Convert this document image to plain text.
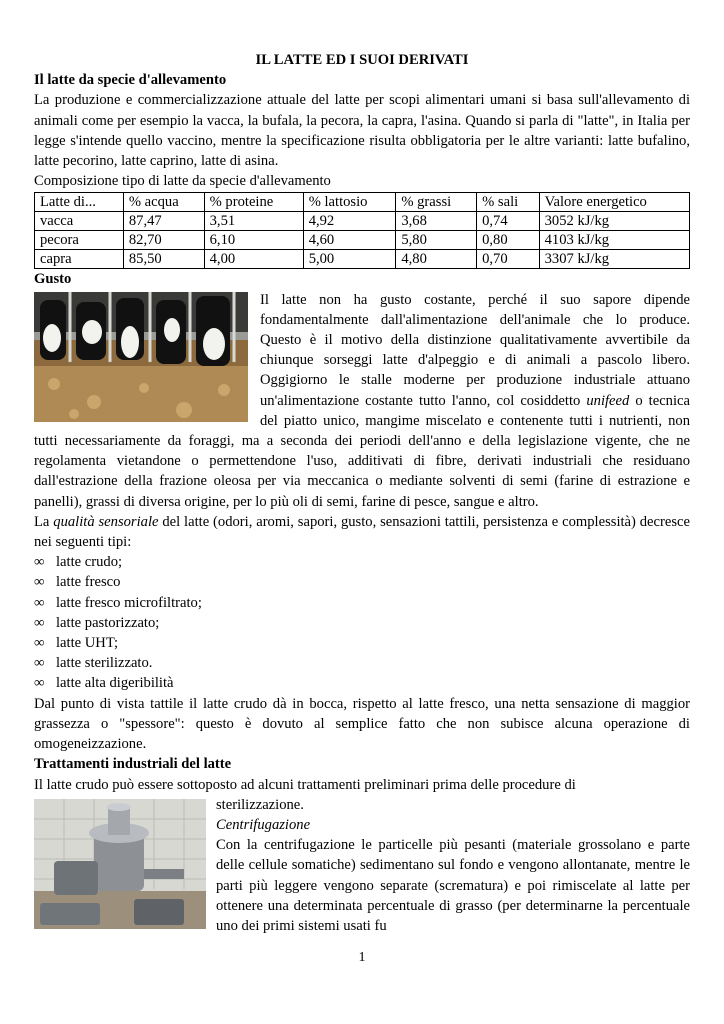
IL LATTE ED I SUOI DERIVATI
Il latte da specie d'allevamento

La produzione e commercializzazione attuale del latte per scopi alimentari umani si basa sull'allevamento di animali come per esempio la vacca, la bufala, la pecora, la capra, l'asina. Quando si parla di "latte", in Italia per legge s'intende quello vaccino, mentre la specificazione risulta obbligatoria per le altre varianti: latte bufalino, latte pecorino, latte caprino, latte di asina.

Composizione tipo di latte da specie d'allevamento
Latte di...	% acqua	% proteine	% lattosio	% grassi	% sali	Valore energetico
vacca	87,47	3,51	4,92	3,68	0,74	3052 kJ/kg
pecora	82,70	6,10	4,60	5,80	0,80	4103 kJ/kg
capra	85,50	4,00	5,00	4,80	0,70	3307 kJ/kg
Gusto

Il latte non ha gusto costante, perché il suo sapore dipende fondamentalmente dall'alimentazione dell'animale che lo produce. Questo è il motivo della distinzione qualitativamente avvertibile da chiunque sorseggi latte d'alpeggio e di animali a pascolo libero. Oggigiorno le stalle moderne per produzione industriale attuano un'alimentazione costante tutto l'anno, col cosiddetto unifeed o tecnica del piatto unico, mangime miscelato e contenente tutti i nutrienti, non tutti necessariamente da foraggi, ma a seconda dei periodi dell'anno e della legislazione vigente, che ne regolamenta vietandone o permettendone l'uso, additivati di fibre, derivati industriali che residuano dall'estrazione della frazione oleosa per via meccanica o mediante solventi di semi (farine di estrazione e panelli), grassi di diversa origine, per lo più oli di semi, farine di pesce, sangue e altro.

La qualità sensoriale del latte (odori, aromi, sapori, gusto, sensazioni tattili, persistenza e complessità) decresce nei seguenti tipi:

∞ latte crudo;
∞ latte fresco
∞ latte fresco microfiltrato;
∞ latte pastorizzato;
∞ latte UHT;
∞ latte sterilizzato.
∞ latte alta digeribilità

Dal punto di vista tattile il latte crudo dà in bocca, rispetto al latte fresco, una netta sensazione di maggior grassezza o "spessore": questo è dovuto al semplice fatto che non subisce alcuna operazione di omogeneizzazione.

Trattamenti industriali del latte

Il latte crudo può essere sottoposto ad alcuni trattamenti preliminari prima delle procedure di

sterilizzazione.

Centrifugazione

Con la centrifugazione le particelle più pesanti (materiale grossolano e parte delle cellule somatiche) sedimentano sul fondo e vengono allontanate, mentre le parti più leggere vengono separate (scrematura) e poi rimiscelate al latte per ottenere una determinata percentuale di grasso (per determinarne la percentuale uno dei primi sistemi usati fu

1
